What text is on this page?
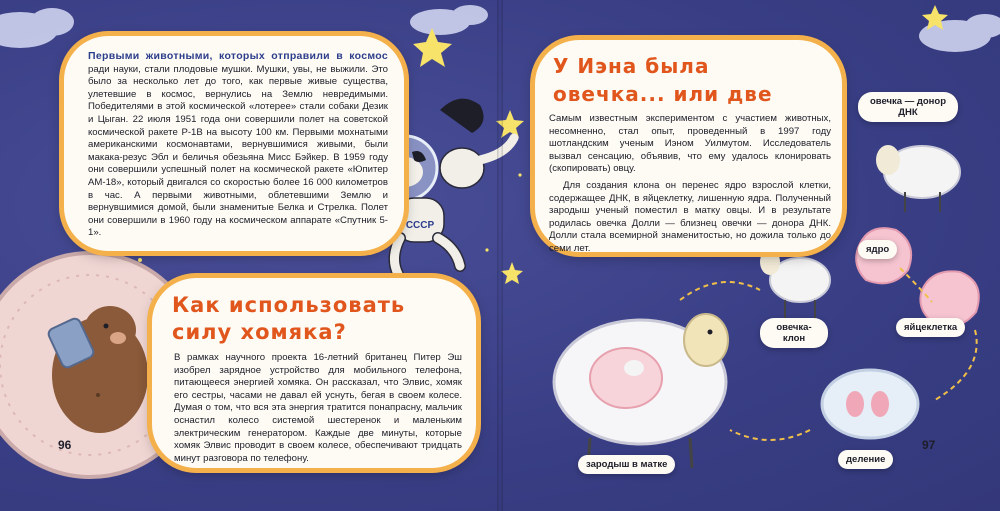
СССР

Первыми животными, которых отправили в космос ради науки, стали плодовые мушки. Мушки, увы, не выжили. Это было за несколько лет до того, как первые живые существа, улетевшие в космос, вернулись на Землю невредимыми. Победителями в этой космической «лотерее» стали собаки Дезик и Цыган. 22 июля 1951 года они совершили полет на советской космической ракете Р-1В на высоту 100 км. Первыми мохнатыми американскими космонавтами, вернувшимися живыми, были макака-резус Эбл и беличья обезьяна Мисс Бэйкер. В 1959 году они совершили успешный полет на космической ракете «Юпитер АМ-18», который двигался со скоростью более 16 000 километров в час. А первыми животными, облетевшими Землю и вернувшимися домой, были знаменитые Белка и Стрелка. Полет они совершили в 1960 году на космическом аппарате «Спутник 5-1».

Как использовать силу хомяка?

В рамках научного проекта 16-летний британец Питер Эш изобрел зарядное устройство для мобильного телефона, питающееся энергией хомяка. Он рассказал, что Элвис, хомяк его сестры, часами не давал ей уснуть, бегая в своем колесе. Думая о том, что вся эта энергия тратится понапрасну, мальчик оснастил колесо системой шестеренок и маленьким электрическим генератором. Каждые две минуты, которые хомяк Элвис проводит в своем колесе, обеспечивают тридцать минут разговора по телефону.

96
У Иэна была овечка... или две

Самым известным экспериментом с участием животных, несомненно, стал опыт, проведенный в 1997 году шотландским ученым Иэном Уилмутом. Исследователь вызвал сенсацию, объявив, что ему удалось клонировать (скопировать) овцу.

Для создания клона он перенес ядро взрослой клетки, содержащее ДНК, в яйцеклетку, лишенную ядра. Полученный зародыш ученый поместил в матку овцы. И в результате родилась овечка Долли — близнец овечки — донора ДНК. Долли стала всемирной знаменитостью, но дожила только до семи лет.

овечка — донор ДНК
ядро
яйцеклетка
овечка-клон
зародыш в матке	деление
97
